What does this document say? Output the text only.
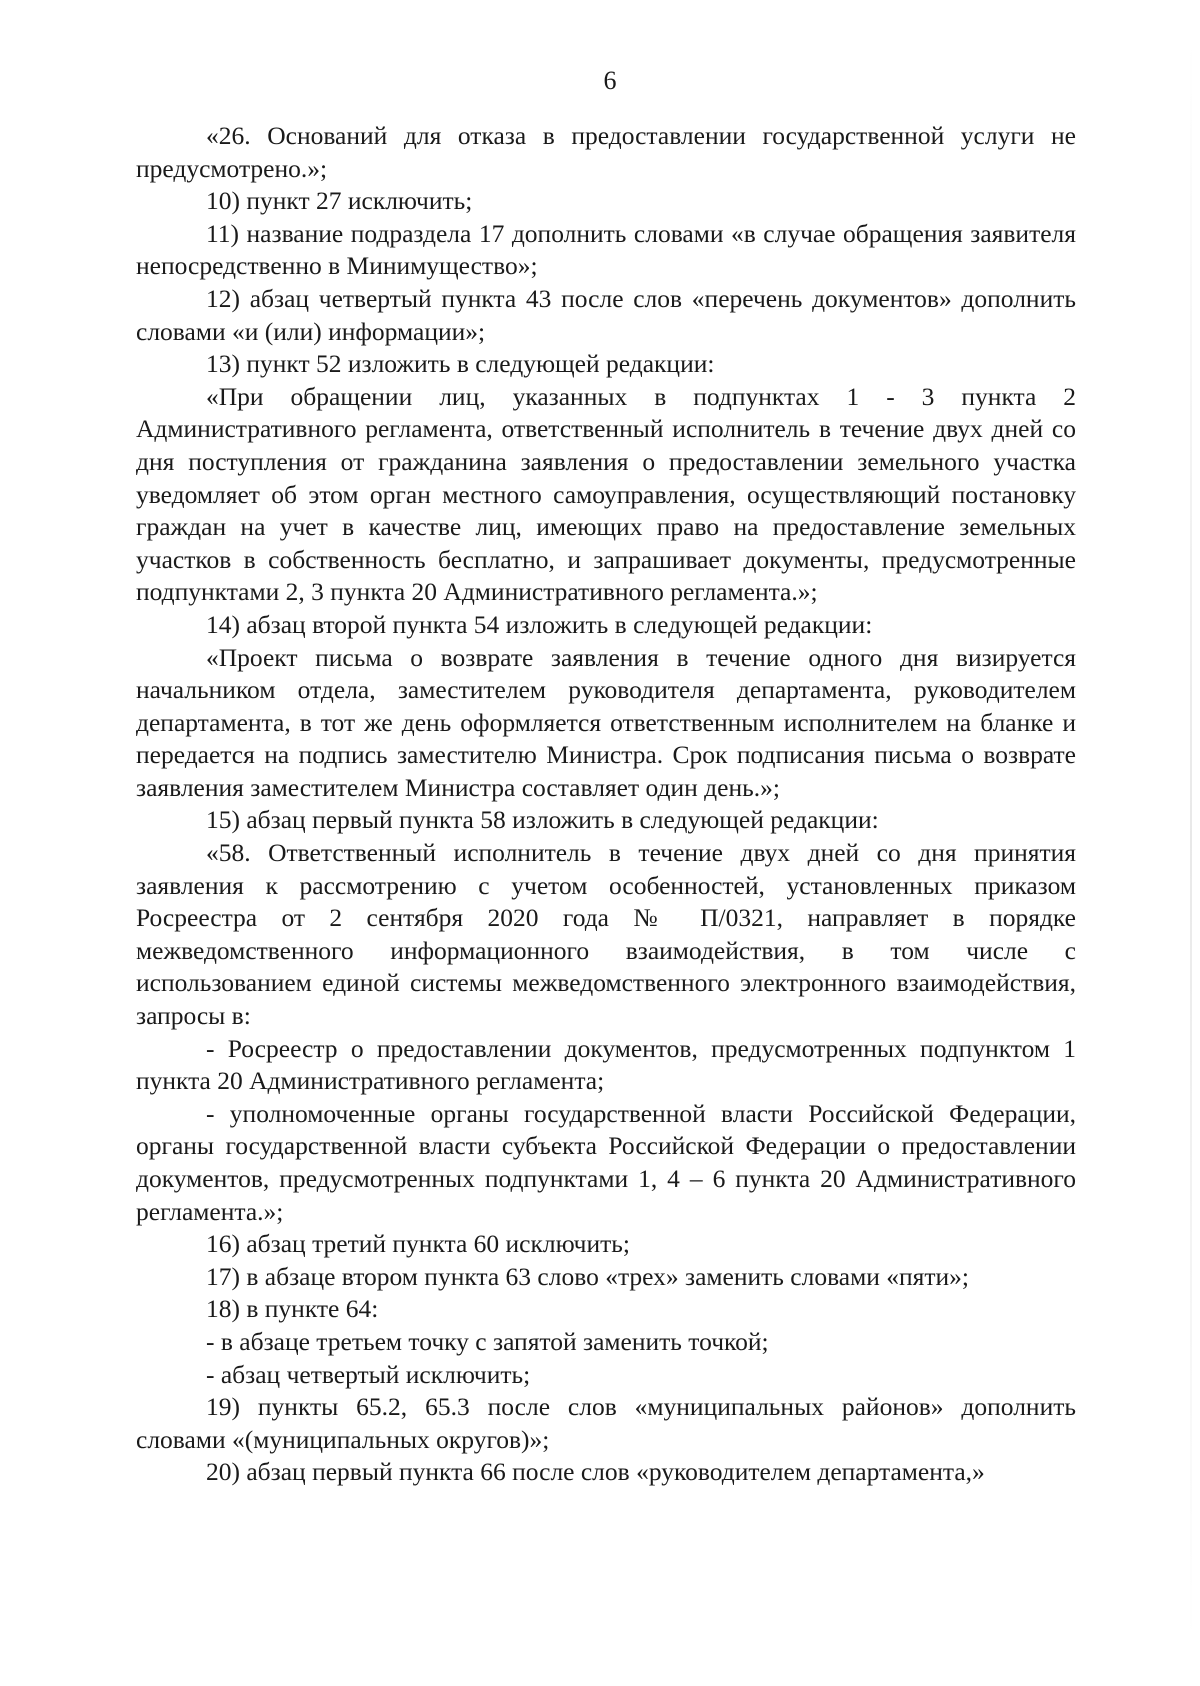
6

«26. Оснований для отказа в предоставлении государственной услуги не предусмотрено.»;

10) пункт 27 исключить;

11) название подраздела 17 дополнить словами «в случае обращения заявителя непосредственно в Минимущество»;

12) абзац четвертый пункта 43 после слов «перечень документов» дополнить словами «и (или) информации»;

13) пункт 52 изложить в следующей редакции:

«При обращении лиц, указанных в подпунктах 1 - 3 пункта 2 Административного регламента, ответственный исполнитель в течение двух дней со дня поступления от гражданина заявления о предоставлении земельного участка уведомляет об этом орган местного самоуправления, осуществляющий постановку граждан на учет в качестве лиц, имеющих право на предоставление земельных участков в собственность бесплатно, и запрашивает документы, предусмотренные подпунктами 2, 3 пункта 20 Административного регламента.»;

14) абзац второй пункта 54 изложить в следующей редакции:

«Проект письма о возврате заявления в течение одного дня визируется начальником отдела, заместителем руководителя департамента, руководителем департамента, в тот же день оформляется ответственным исполнителем на бланке и передается на подпись заместителю Министра. Срок подписания письма о возврате заявления заместителем Министра составляет один день.»;

15) абзац первый пункта 58 изложить в следующей редакции:

«58. Ответственный исполнитель в течение двух дней со дня принятия заявления к рассмотрению с учетом особенностей, установленных приказом Росреестра от 2 сентября 2020 года № П/0321, направляет в порядке межведомственного информационного взаимодействия, в том числе с использованием единой системы межведомственного электронного взаимодействия, запросы в:

- Росреестр о предоставлении документов, предусмотренных подпунктом 1 пункта 20 Административного регламента;

- уполномоченные органы государственной власти Российской Федерации, органы государственной власти субъекта Российской Федерации о предоставлении документов, предусмотренных подпунктами 1, 4 – 6 пункта 20 Административного регламента.»;

16) абзац третий пункта 60 исключить;

17) в абзаце втором пункта 63 слово «трех» заменить словами «пяти»;

18) в пункте 64:

- в абзаце третьем точку с запятой заменить точкой;

- абзац четвертый исключить;

19) пункты 65.2, 65.3 после слов «муниципальных районов» дополнить словами «(муниципальных округов)»;

20) абзац первый пункта 66 после слов «руководителем департамента,»
